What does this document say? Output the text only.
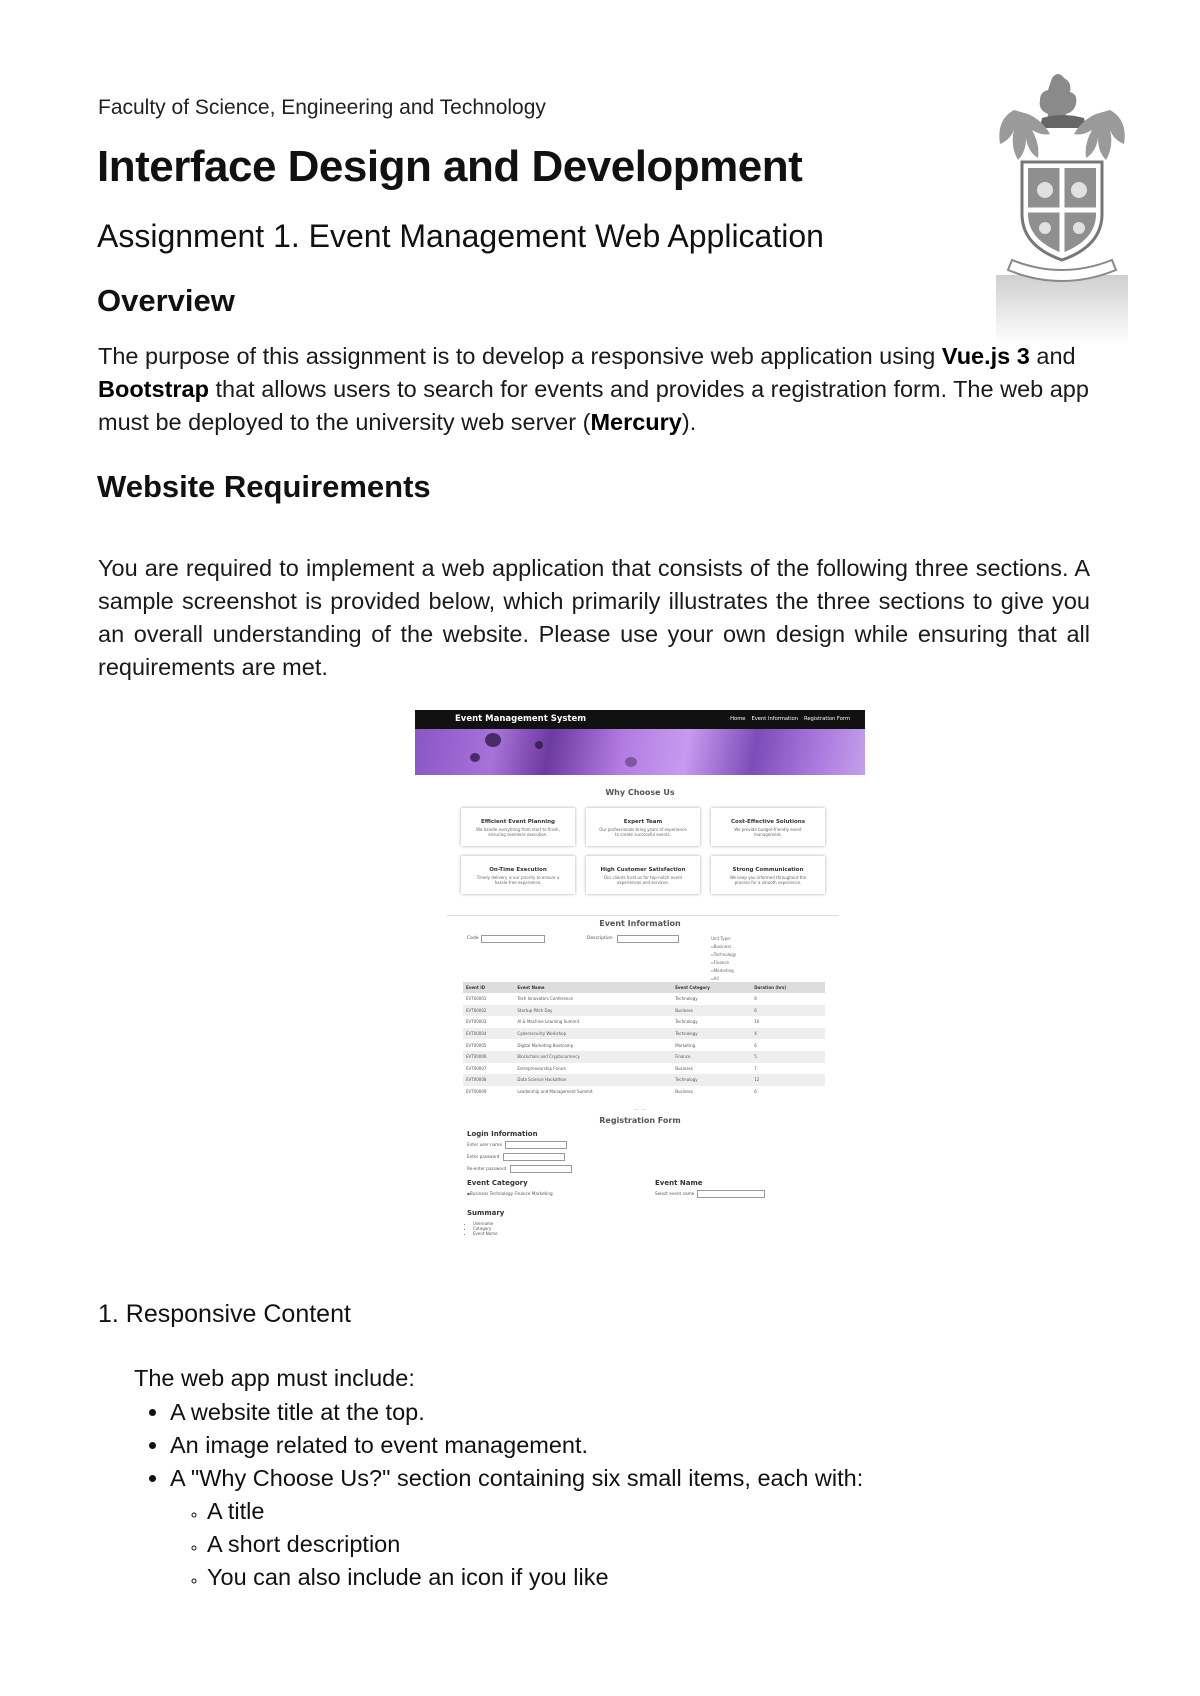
Faculty of Science, Engineering and Technology
Interface Design and Development
Assignment 1. Event Management Web Application
Overview

The purpose of this assignment is to develop a responsive web application using Vue.js 3 and Bootstrap that allows users to search for events and provides a registration form. The web app must be deployed to the university web server (Mercury).

Website Requirements

You are required to implement a web application that consists of the following three sections. A sample screenshot is provided below, which primarily illustrates the three sections to give you an overall understanding of the website. Please use your own design while ensuring that all requirements are met.

Event Management System	Home Event Information Registration Form
Why Choose Us
Efficient Event Planning
We handle everything from start to finish, ensuring seamless execution.
Expert Team
Our professionals bring years of experience to create successful events.
Cost-Effective Solutions
We provide budget-friendly event management.
On-Time Execution
Timely delivery is our priority to ensure a hassle-free experience.
High Customer Satisfaction
Our clients trust us for top-notch event experiences and services.
Strong Communication
We keep you informed throughout the process for a smooth experience.
Event Information
Code	Description	Unit Type:
▫Business
▫Technology
▫Finance
▫Marketing
▫All
Event ID	Event Name	Event Category	Duration (hrs)
EVT00001	Tech Innovators Conference	Technology	8
EVT00002	Startup Pitch Day	Business	6
EVT00003	AI & Machine Learning Summit	Technology	10
EVT00004	Cybersecurity Workshop	Technology	4
EVT00005	Digital Marketing Bootcamp	Marketing	6
EVT00006	Blockchain and Cryptocurrency	Finance	5
EVT00007	Entrepreneurship Forum	Business	7
EVT00008	Data Science Hackathon	Technology	12
EVT00009	Leadership and Management Summit	Business	6
... ...
Registration Form
Login Information
Enter user name
Enter password
Re-enter password
Event Category
▪Business Technology Finance Marketing
Event Name
Select event name
Summary
• Username
• Category
• Event Name
1. Responsive Content
The web app must include:
• A website title at the top.
• An image related to event management.
• A "Why Choose Us?" section containing six small items, each with:
◦ A title
◦ A short description
◦ You can also include an icon if you like
